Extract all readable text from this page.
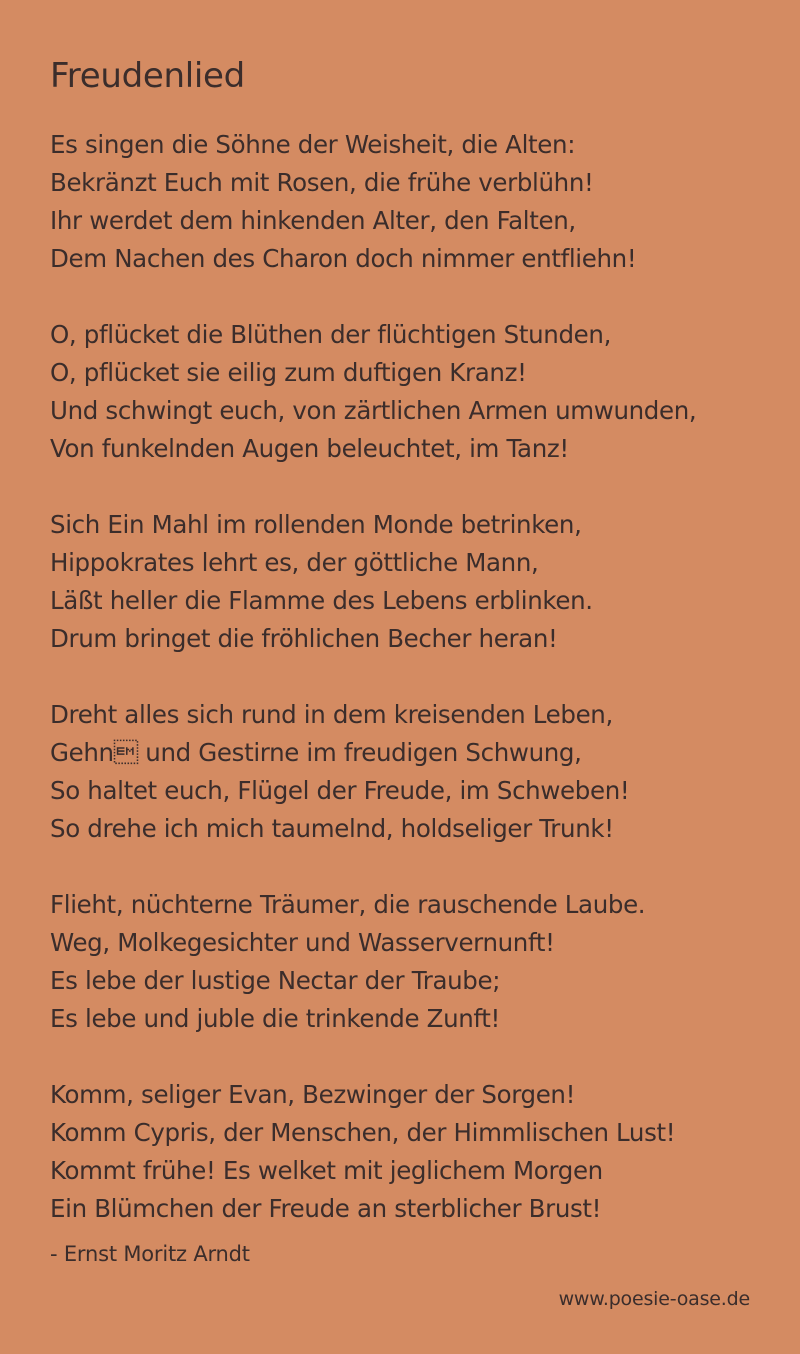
Freudenlied
Es singen die Söhne der Weisheit, die Alten:
Bekränzt Euch mit Rosen, die frühe verblühn!
Ihr werdet dem hinkenden Alter, den Falten,
Dem Nachen des Charon doch nimmer entfliehn!
O, pflücket die Blüthen der flüchtigen Stunden,
O, pflücket sie eilig zum duftigen Kranz!
Und schwingt euch, von zärtlichen Armen umwunden,
Von funkelnden Augen beleuchtet, im Tanz!
Sich Ein Mahl im rollenden Monde betrinken,
Hippokrates lehrt es, der göttliche Mann,
Läßt heller die Flamme des Lebens erblinken.
Drum bringet die fröhlichen Becher heran!
Dreht alles sich rund in dem kreisenden Leben,
Gehn und Gestirne im freudigen Schwung,
So haltet euch, Flügel der Freude, im Schweben!
So drehe ich mich taumelnd, holdseliger Trunk!
Flieht, nüchterne Träumer, die rauschende Laube.
Weg, Molkegesichter und Wasservernunft!
Es lebe der lustige Nectar der Traube;
Es lebe und juble die trinkende Zunft!
Komm, seliger Evan, Bezwinger der Sorgen!
Komm Cypris, der Menschen, der Himmlischen Lust!
Kommt frühe! Es welket mit jeglichem Morgen
Ein Blümchen der Freude an sterblicher Brust!
- Ernst Moritz Arndt
www.poesie-oase.de
